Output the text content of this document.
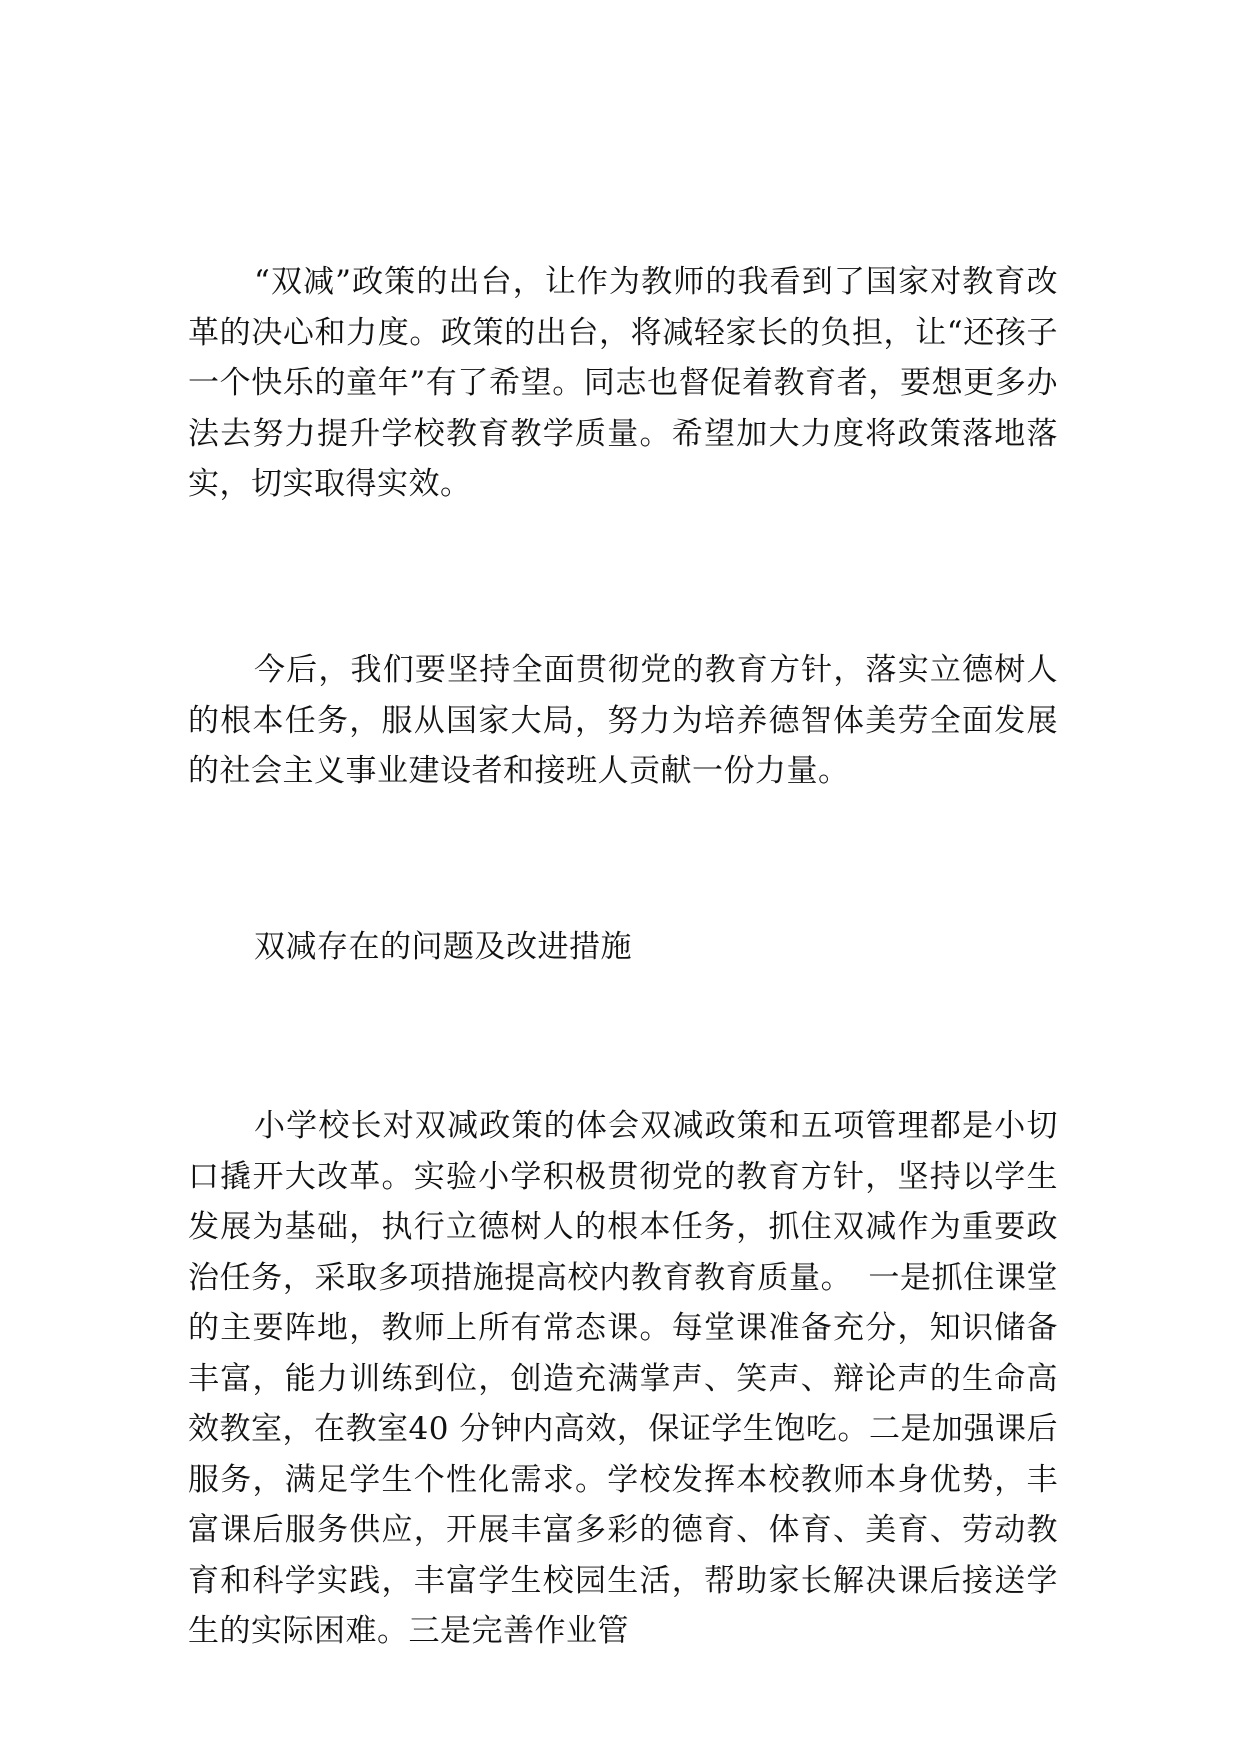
“双减”政策的出台，让作为教师的我看到了国家对教育改革的决心和力度。政策的出台，将减轻家长的负担，让“还孩子一个快乐的童年”有了希望。同志也督促着教育者，要想更多办法去努力提升学校教育教学质量。希望加大力度将政策落地落实，切实取得实效。

今后，我们要坚持全面贯彻党的教育方针，落实立德树人的根本任务，服从国家大局，努力为培养德智体美劳全面发展的社会主义事业建设者和接班人贡献一份力量。

双减存在的问题及改进措施

小学校长对双减政策的体会双减政策和五项管理都是小切口撬开大改革。实验小学积极贯彻党的教育方针，坚持以学生发展为基础，执行立德树人的根本任务，抓住双减作为重要政治任务，采取多项措施提高校内教育教育质量。　一是抓住课堂的主要阵地，教师上所有常态课。每堂课准备充分，知识储备丰富，能力训练到位，创造充满掌声、笑声、辩论声的生命高效教室，在教室40 分钟内高效，保证学生饱吃。二是加强课后服务，满足学生个性化需求。学校发挥本校教师本身优势，丰富课后服务供应，开展丰富多彩的德育、体育、美育、劳动教育和科学实践，丰富学生校园生活，帮助家长解决课后接送学生的实际困难。三是完善作业管
